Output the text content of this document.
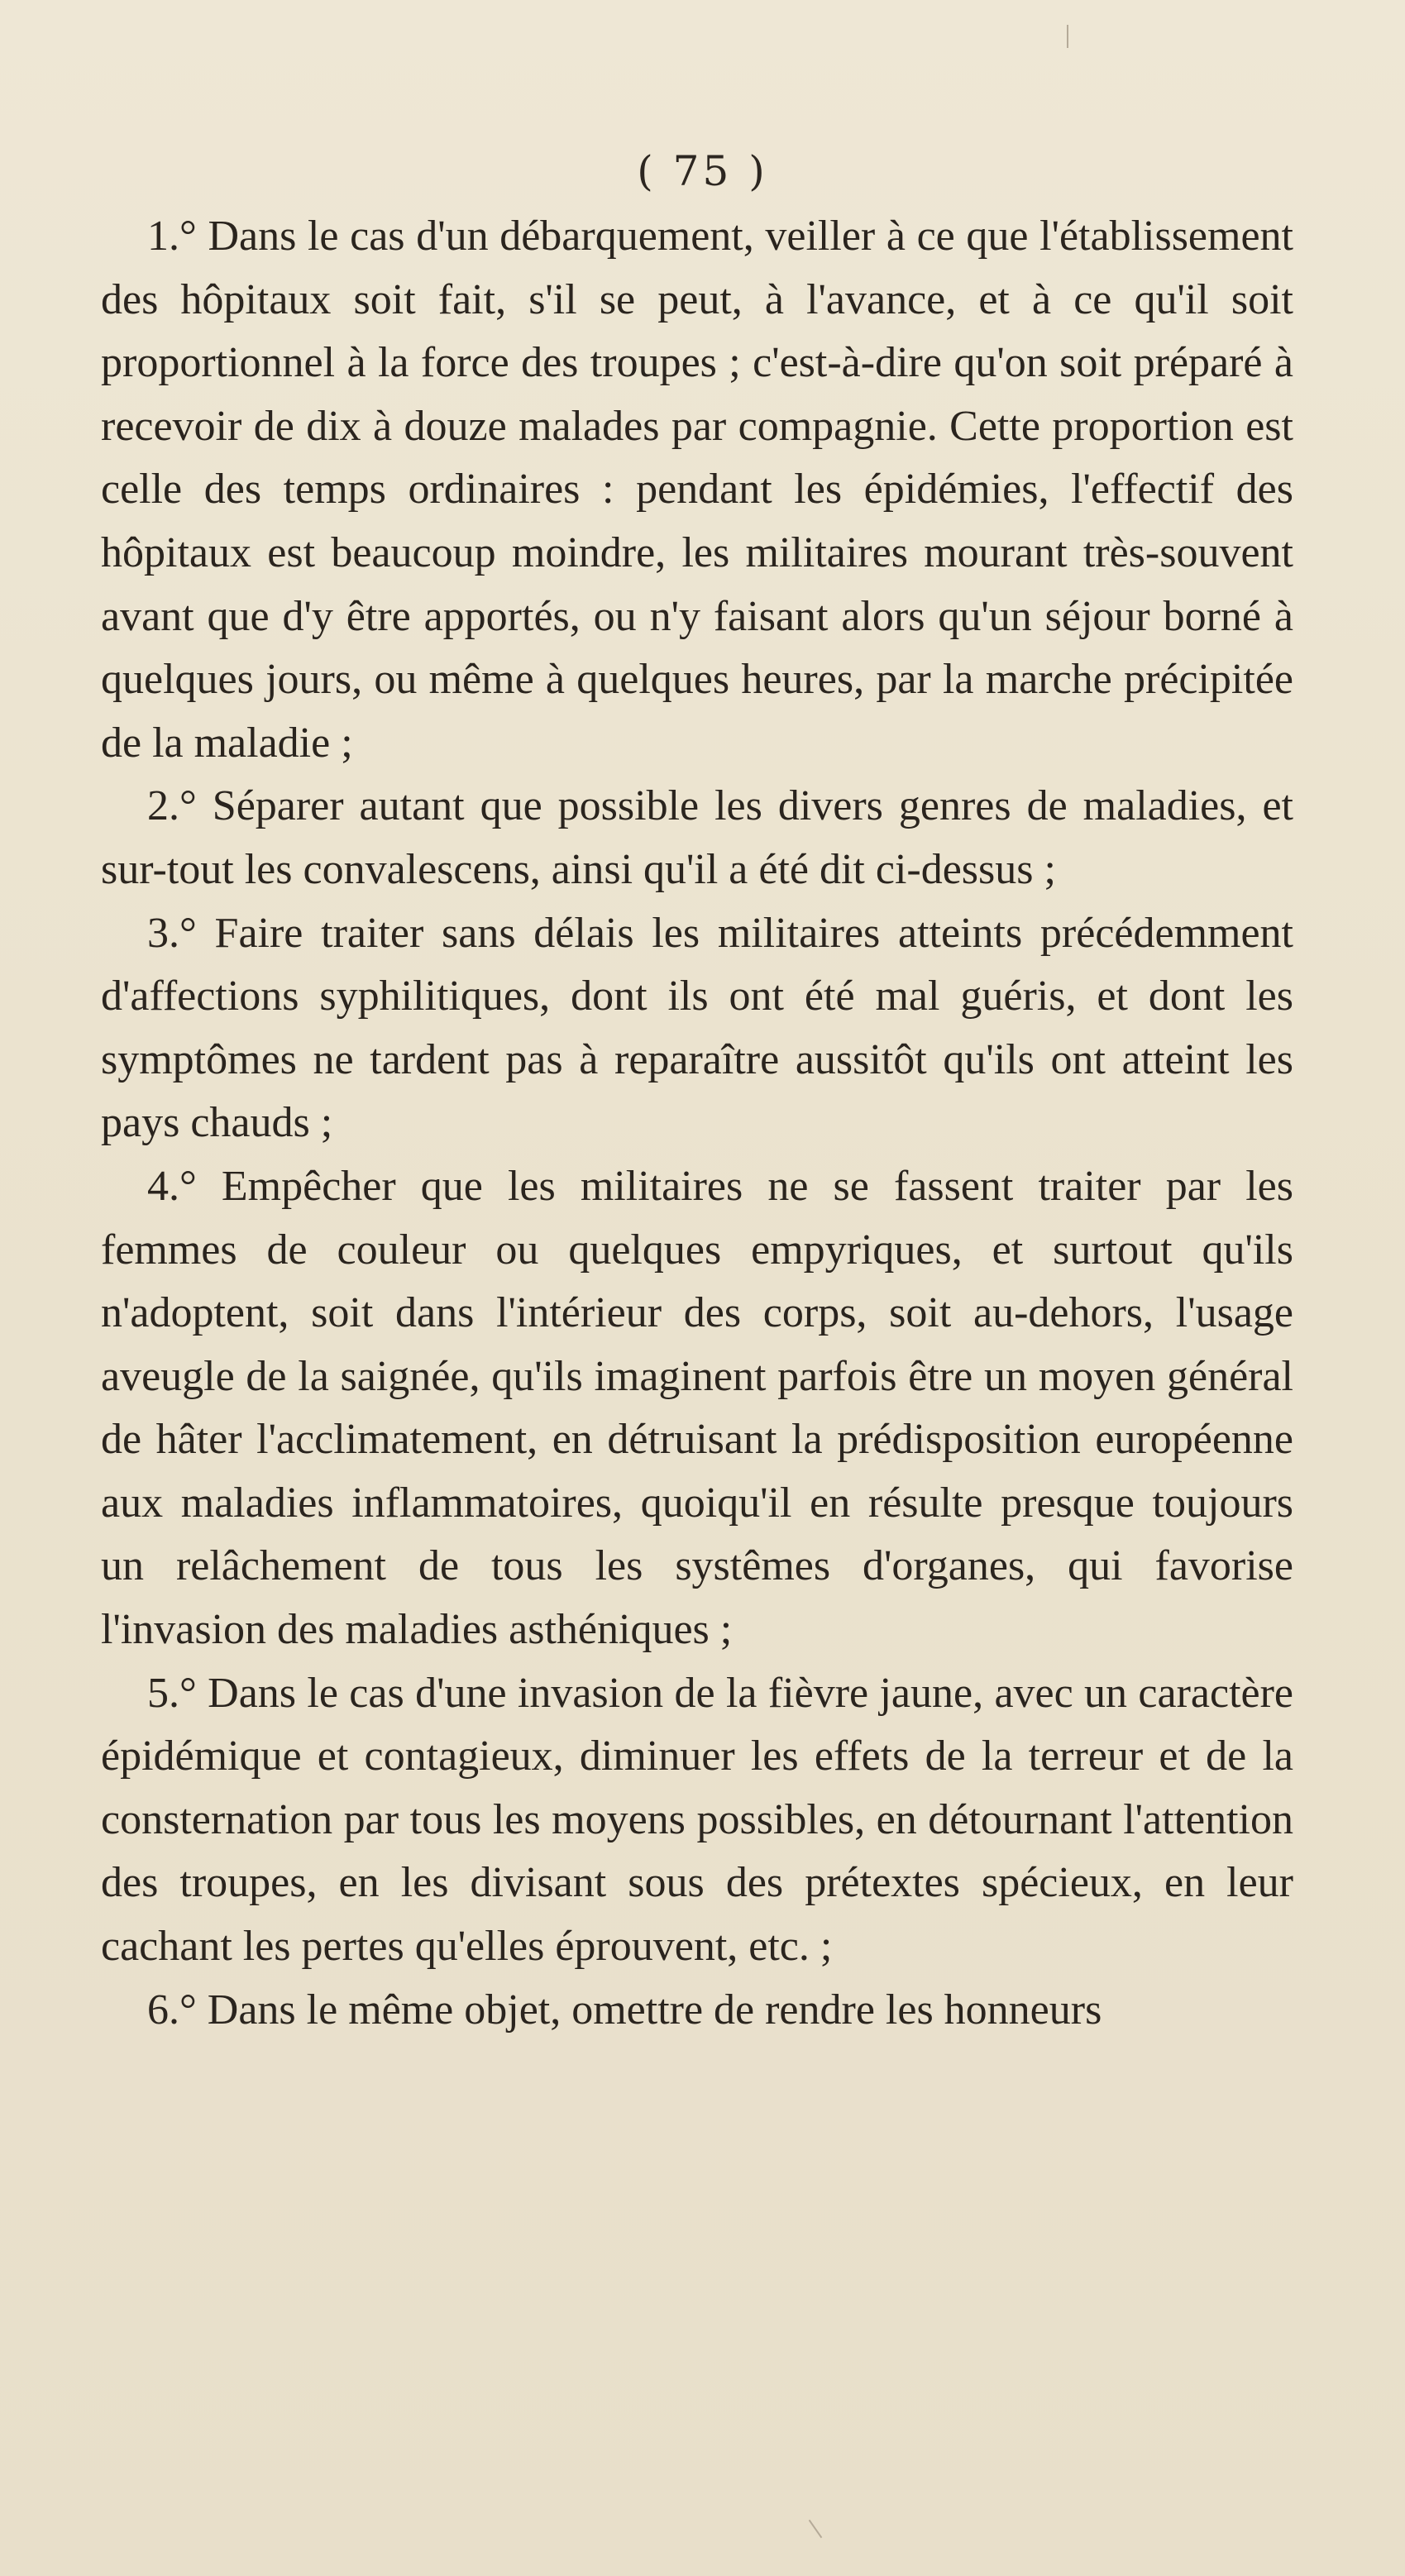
( 75 )

1.° Dans le cas d'un débarquement, veiller à ce que l'établissement des hôpitaux soit fait, s'il se peut, à l'avance, et à ce qu'il soit proportionnel à la force des troupes ; c'est-à-dire qu'on soit préparé à recevoir de dix à douze malades par compagnie. Cette proportion est celle des temps ordinaires : pendant les épidémies, l'effectif des hôpitaux est beaucoup moindre, les militaires mourant très-souvent avant que d'y être apportés, ou n'y faisant alors qu'un séjour borné à quelques jours, ou même à quelques heures, par la marche précipitée de la maladie ;

2.° Séparer autant que possible les divers genres de maladies, et sur-tout les convalescens, ainsi qu'il a été dit ci-dessus ;

3.° Faire traiter sans délais les militaires atteints précédemment d'affections syphilitiques, dont ils ont été mal guéris, et dont les symptômes ne tardent pas à reparaître aussitôt qu'ils ont atteint les pays chauds ;

4.° Empêcher que les militaires ne se fassent traiter par les femmes de couleur ou quelques empyriques, et surtout qu'ils n'adoptent, soit dans l'intérieur des corps, soit au-dehors, l'usage aveugle de la saignée, qu'ils imaginent parfois être un moyen général de hâter l'acclimatement, en détruisant la prédisposition européenne aux maladies inflammatoires, quoiqu'il en résulte presque toujours un relâchement de tous les systêmes d'organes, qui favorise l'invasion des maladies asthéniques ;

5.° Dans le cas d'une invasion de la fièvre jaune, avec un caractère épidémique et contagieux, diminuer les effets de la terreur et de la consternation par tous les moyens possibles, en détournant l'attention des troupes, en les divisant sous des prétextes spécieux, en leur cachant les pertes qu'elles éprouvent, etc. ;

6.° Dans le même objet, omettre de rendre les honneurs
